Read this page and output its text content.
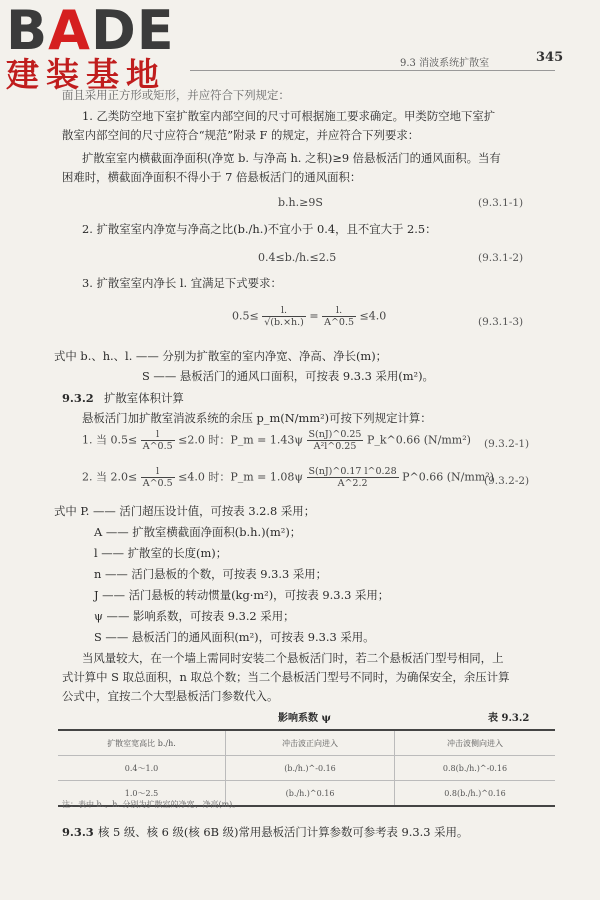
BADE
建装基地	9.3 消波系统扩散室	345
面且采用正方形或矩形，并应符合下列规定：
1. 乙类防空地下室扩散室内部空间的尺寸可根据施工要求确定。甲类防空地下室扩
散室内部空间的尺寸应符合“规范”附录 F 的规定，并应符合下列要求：
扩散室室内横截面净面积(净宽 b. 与净高 h. 之积)≥9 倍悬板活门的通风面积。当有
困难时，横截面净面积不得小于 7 倍悬板活门的通风面积：
b.h.≥9S	(9.3.1-1)
2. 扩散室室内净宽与净高之比(b./h.)不宜小于 0.4，且不宜大于 2.5：
0.4≤b./h.≤2.5	(9.3.1-2)
3. 扩散室室内净长 l. 宜满足下式要求：
$0.5\le \frac{l.}{√(b.\times h.)} = \frac{l.}{A\^{}0.5} \le 4.0$	(9.3.1-3)
式中 b.、h.、l. —— 分别为扩散室的室内净宽、净高、净长(m)；
S —— 悬板活门的通风口面积，可按表 9.3.3 采用(m²)。
9.3.2 扩散室体积计算
悬板活门加扩散室消波系统的余压 p_m(N/mm²)可按下列规定计算：
1. 当 $0.5\le \frac{l}{A\^{}0.5} \le 2.0$ 时：P_m = $1.43\psi \frac{S(nJ)\^{}0.25}{\text{A²l\textasciicircum{}0.25}}$ P_k^0.66 (N/mm²) (9.3.2-1)
2. 当 $2.0\le \frac{l}{A\^{}0.5} \le 4.0$ 时：P_m = $1.08\psi \frac{S(nJ)\^{}0.17 l\^{}0.28}{A\^{}2.2}$ P^0.66 (N/mm²)
(9.3.2-2)
式中 P. —— 活门超压设计值，可按表 3.2.8 采用；
A —— 扩散室横截面净面积(b.h.)(m²)；
l —— 扩散室的长度(m)；
n —— 活门悬板的个数，可按表 9.3.3 采用；
J —— 活门悬板的转动惯量(kg·m²)，可按表 9.3.3 采用；
ψ —— 影响系数，可按表 9.3.2 采用；
S —— 悬板活门的通风面积(m²)，可按表 9.3.3 采用。
当风量较大，在一个墙上需同时安装二个悬板活门时，若二个悬板活门型号相同，上
式计算中 S 取总面积，n 取总个数；当二个悬板活门型号不同时，为确保安全，余压计算
公式中，宜按二个大型悬板活门参数代入。
影响系数 ψ	表 9.3.2
扩散室宽高比 b./h.	冲击波正向进入	冲击波侧向进入
0.4～1.0	(b./h.)^-0.16	0.8(b./h.)^-0.16
1.0～2.5	(b./h.)^0.16	0.8(b./h.)^0.16
注：表中 b.、h. 分别为扩散室的净宽、净高(m)。
9.3.3 核 5 级、核 6 级(核 6B 级)常用悬板活门计算参数可参考表 9.3.3 采用。
